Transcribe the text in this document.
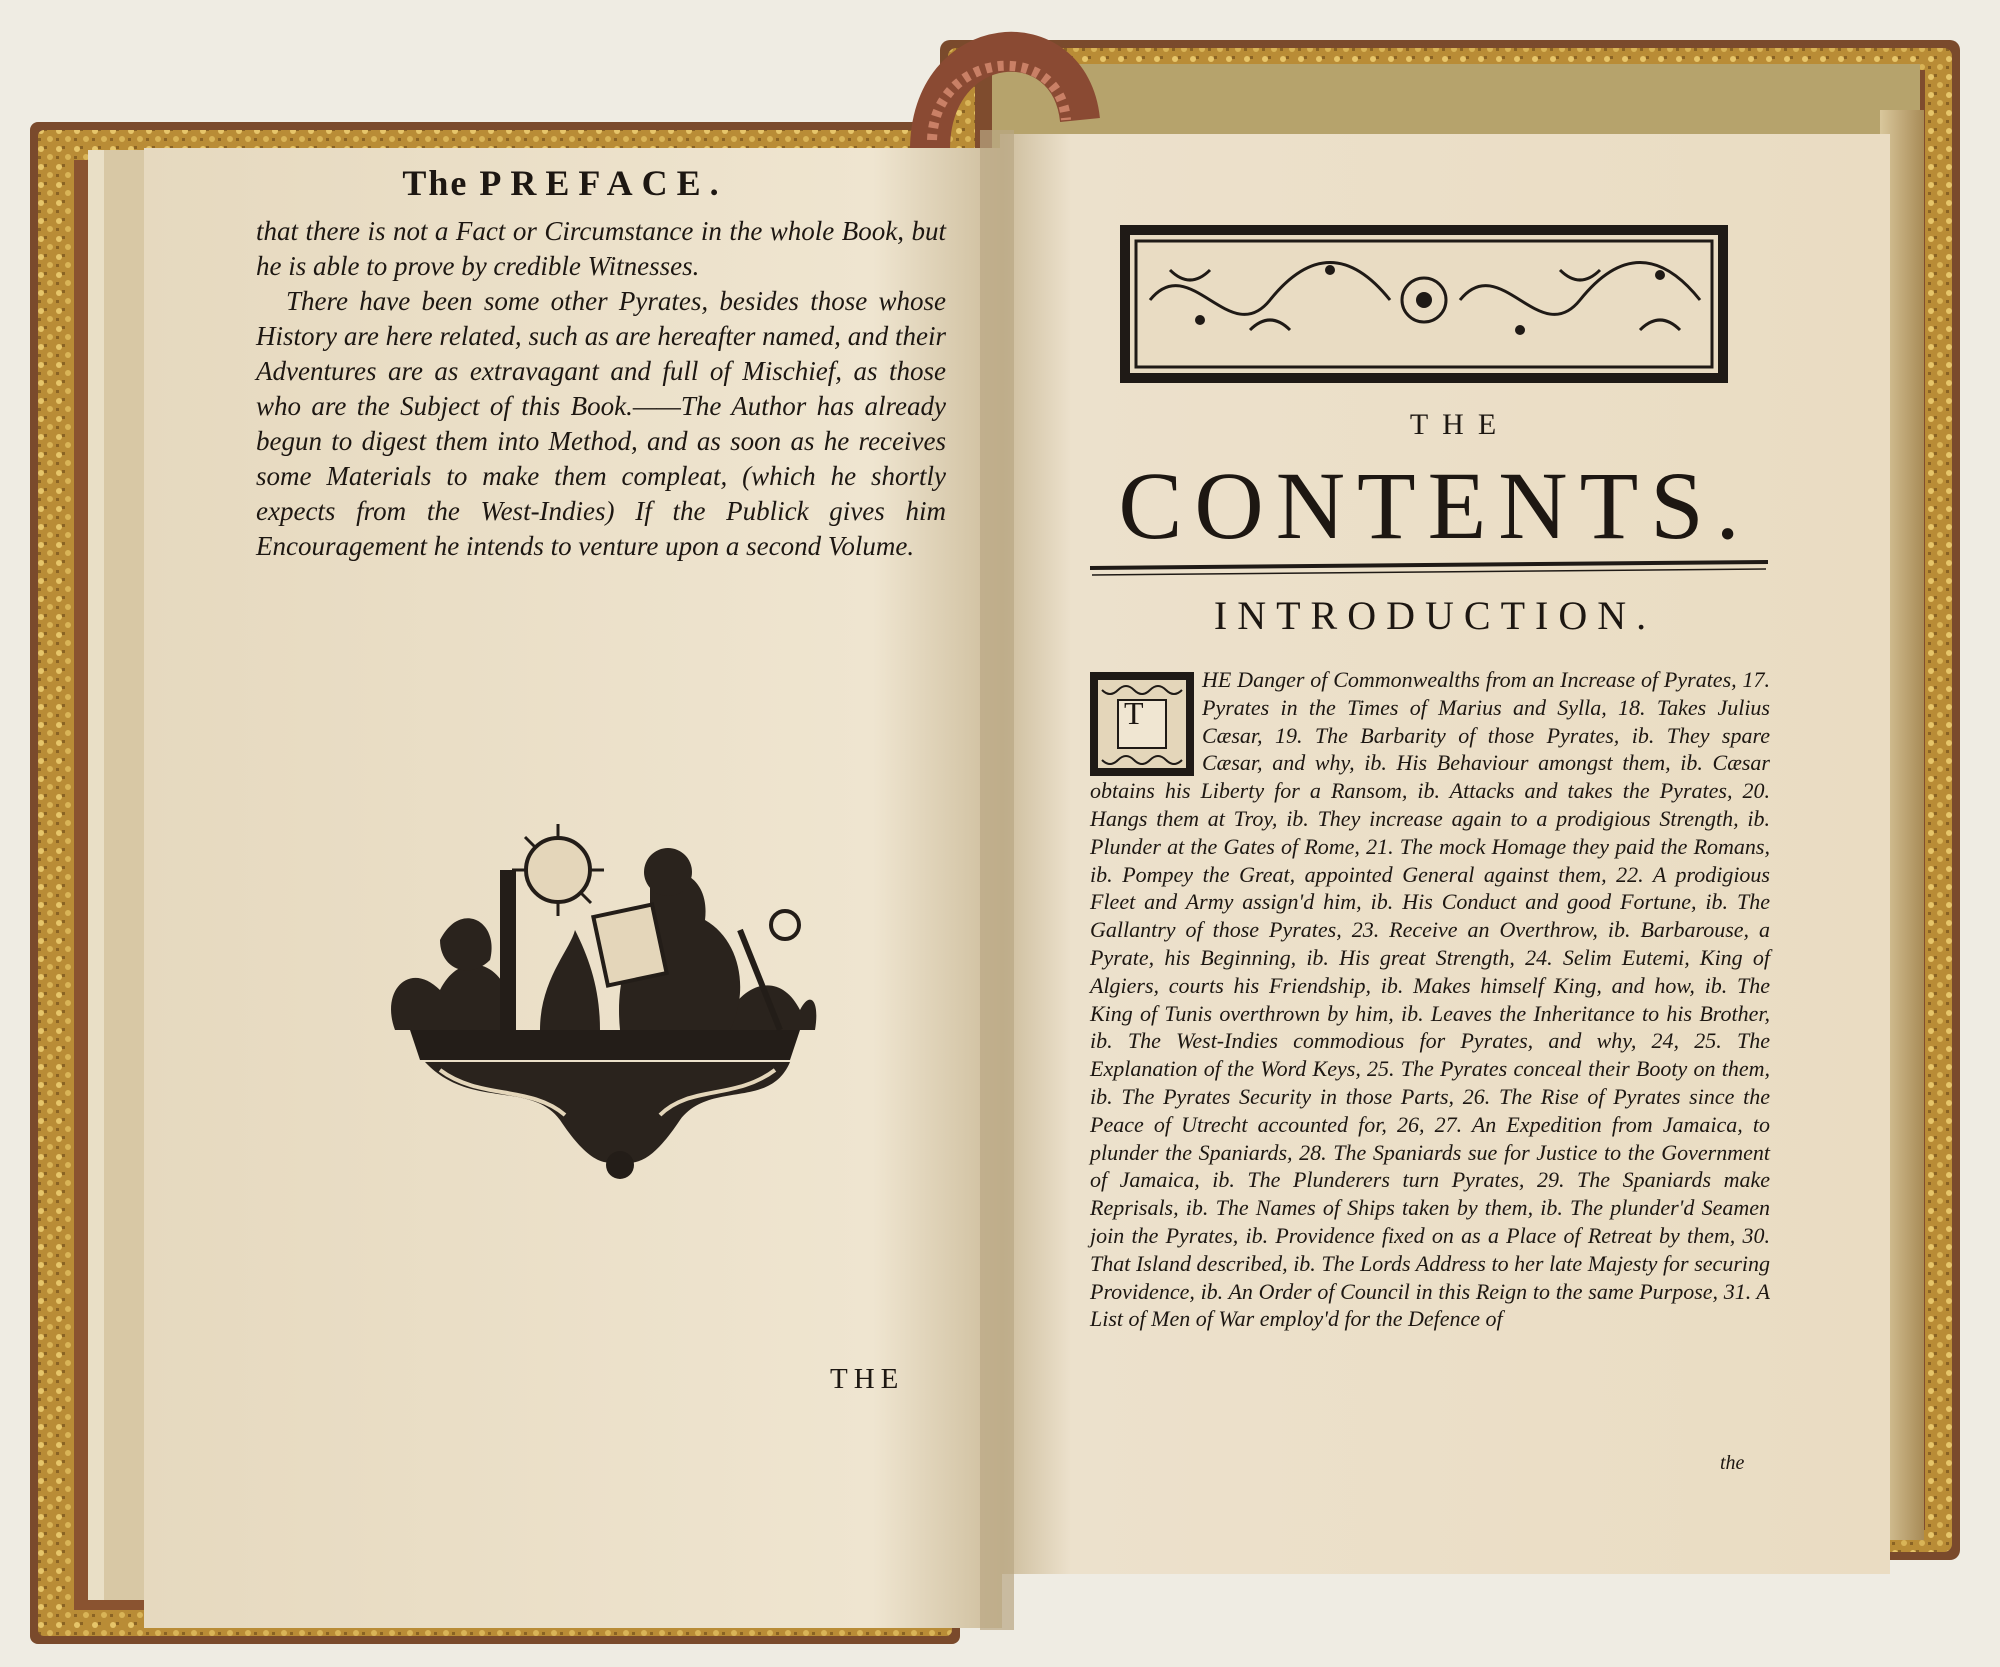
The PREFACE.

that there is not a Fact or Circumstance in the whole Book, but he is able to prove by credible Witnesses.

There have been some other Pyrates, besides those whose History are here related, such as are hereafter named, and their Adventures are as extravagant and full of Mischief, as those who are the Subject of this Book.——The Author has already begun to digest them into Method, and as soon as he receives some Materials to make them compleat, (which he shortly expects from the West-Indies) If the Publick gives him Encouragement he intends to venture upon a second Volume.

THE
THE
CONTENTS.
INTRODUCTION.
T
HE Danger of Commonwealths from an Increase of Pyrates, 17. Pyrates in the Times of Marius and Sylla, 18. Takes Julius Cæsar, 19. The Barbarity of those Pyrates, ib. They spare Cæsar, and why, ib. His Behaviour amongst them, ib. Cæsar obtains his Liberty for a Ransom, ib. Attacks and takes the Pyrates, 20. Hangs them at Troy, ib. They increase again to a prodigious Strength, ib. Plunder at the Gates of Rome, 21. The mock Homage they paid the Romans, ib. Pompey the Great, appointed General against them, 22. A prodigious Fleet and Army assign'd him, ib. His Conduct and good Fortune, ib. The Gallantry of those Pyrates, 23. Receive an Overthrow, ib. Barbarouse, a Pyrate, his Beginning, ib. His great Strength, 24. Selim Eutemi, King of Algiers, courts his Friendship, ib. Makes himself King, and how, ib. The King of Tunis overthrown by him, ib. Leaves the Inheritance to his Brother, ib. The West-Indies commodious for Pyrates, and why, 24, 25. The Explanation of the Word Keys, 25. The Pyrates conceal their Booty on them, ib. The Pyrates Security in those Parts, 26. The Rise of Pyrates since the Peace of Utrecht accounted for, 26, 27. An Expedition from Jamaica, to plunder the Spaniards, 28. The Spaniards sue for Justice to the Government of Jamaica, ib. The Plunderers turn Pyrates, 29. The Spaniards make Reprisals, ib. The Names of Ships taken by them, ib. The plunder'd Seamen join the Pyrates, ib. Providence fixed on as a Place of Retreat by them, 30. That Island described, ib. The Lords Address to her late Majesty for securing Providence, ib. An Order of Council in this Reign to the same Purpose, 31. A List of Men of War employ'd for the Defence of
the
